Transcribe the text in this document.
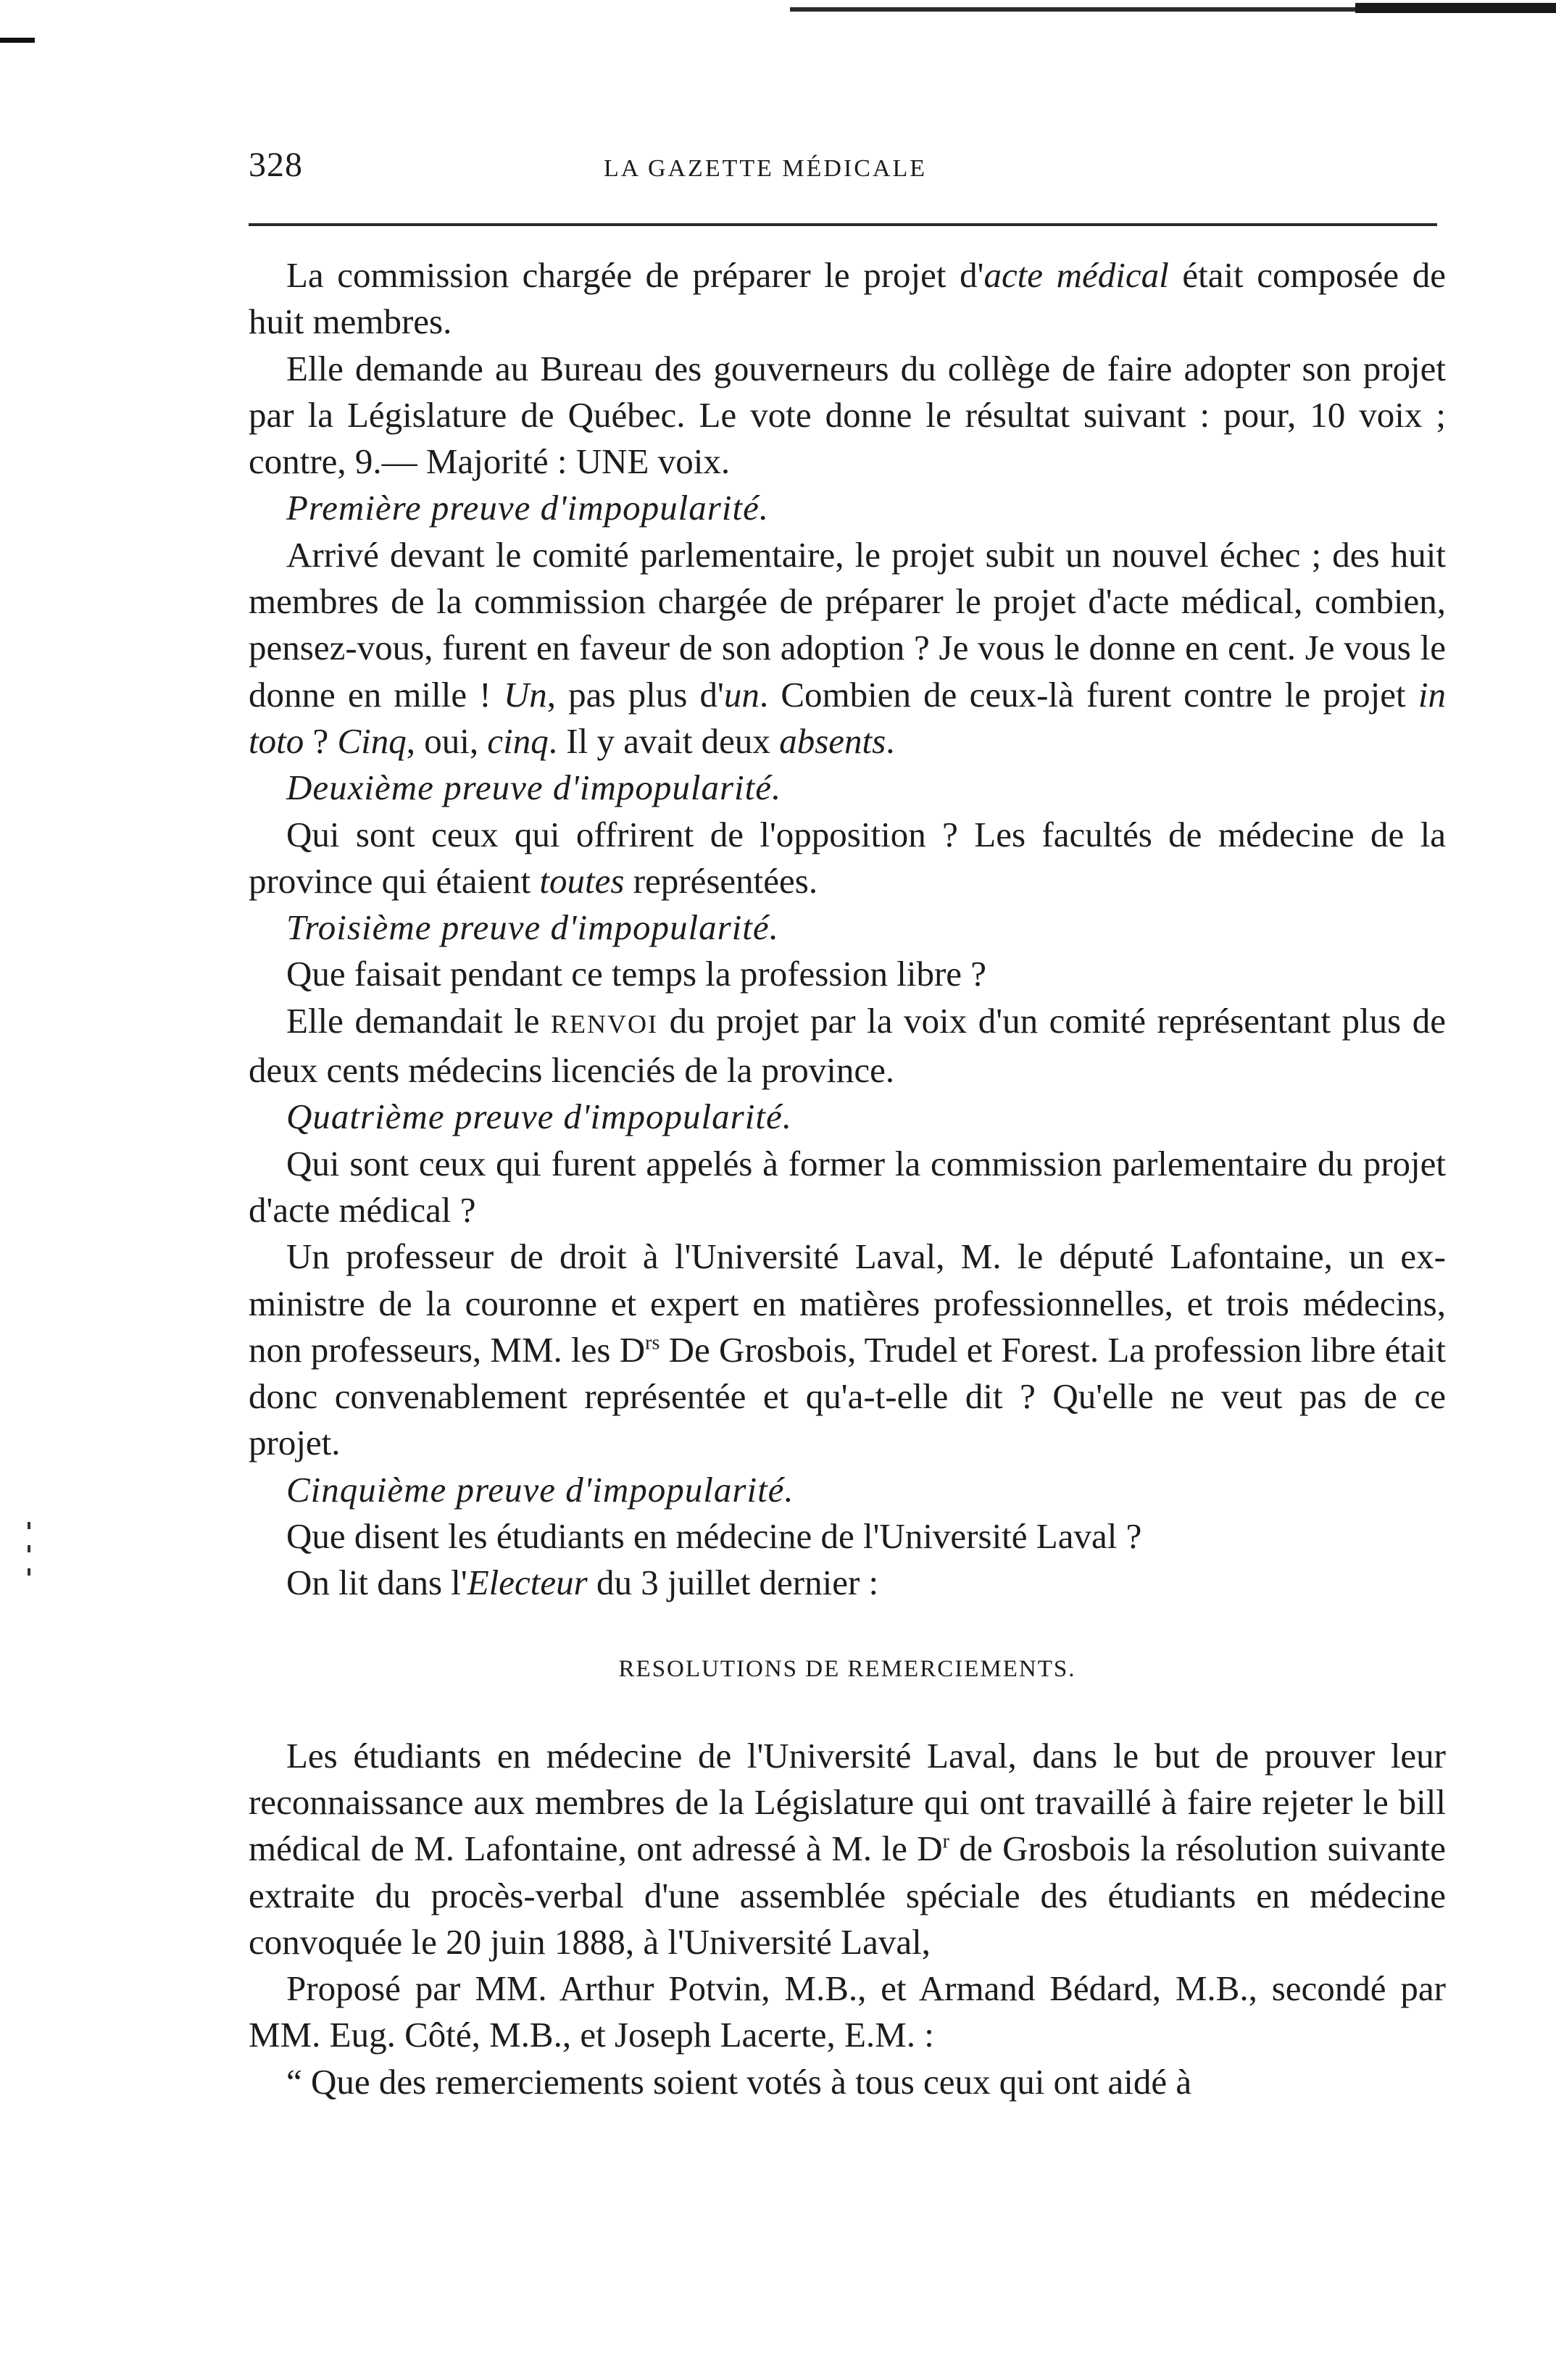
328	LA GAZETTE MÉDICALE

La commission chargée de préparer le projet d'acte médical était composée de huit membres.

Elle demande au Bureau des gouverneurs du collège de faire adopter son projet par la Législature de Québec. Le vote donne le résultat suivant : pour, 10 voix ; contre, 9.— Majorité : UNE voix.

Première preuve d'impopularité.

Arrivé devant le comité parlementaire, le projet subit un nouvel échec ; des huit membres de la commission chargée de préparer le projet d'acte médical, combien, pensez-vous, furent en faveur de son adoption ? Je vous le donne en cent. Je vous le donne en mille ! Un, pas plus d'un. Combien de ceux-là furent contre le projet in toto ? Cinq, oui, cinq. Il y avait deux absents.

Deuxième preuve d'impopularité.

Qui sont ceux qui offrirent de l'opposition ? Les facultés de médecine de la province qui étaient toutes représentées.

Troisième preuve d'impopularité.

Que faisait pendant ce temps la profession libre ?

Elle demandait le RENVOI du projet par la voix d'un comité représentant plus de deux cents médecins licenciés de la province.

Quatrième preuve d'impopularité.

Qui sont ceux qui furent appelés à former la commission parlementaire du projet d'acte médical ?

Un professeur de droit à l'Université Laval, M. le député Lafontaine, un ex-ministre de la couronne et expert en matières professionnelles, et trois médecins, non professeurs, MM. les $D^{rs}$ De Grosbois, Trudel et Forest. La profession libre était donc convenablement représentée et qu'a-t-elle dit ? Qu'elle ne veut pas de ce projet.

Cinquième preuve d'impopularité.

Que disent les étudiants en médecine de l'Université Laval ?

On lit dans l'Electeur du 3 juillet dernier :

RESOLUTIONS DE REMERCIEMENTS.

Les étudiants en médecine de l'Université Laval, dans le but de prouver leur reconnaissance aux membres de la Législature qui ont travaillé à faire rejeter le bill médical de M. Lafontaine, ont adressé à M. le $D^r$ de Grosbois la résolution suivante extraite du procès-verbal d'une assemblée spéciale des étudiants en médecine convoquée le 20 juin 1888, à l'Université Laval,

Proposé par MM. Arthur Potvin, M.B., et Armand Bédard, M.B., secondé par MM. Eug. Côté, M.B., et Joseph Lacerte, E.M. :

“ Que des remerciements soient votés à tous ceux qui ont aidé à
